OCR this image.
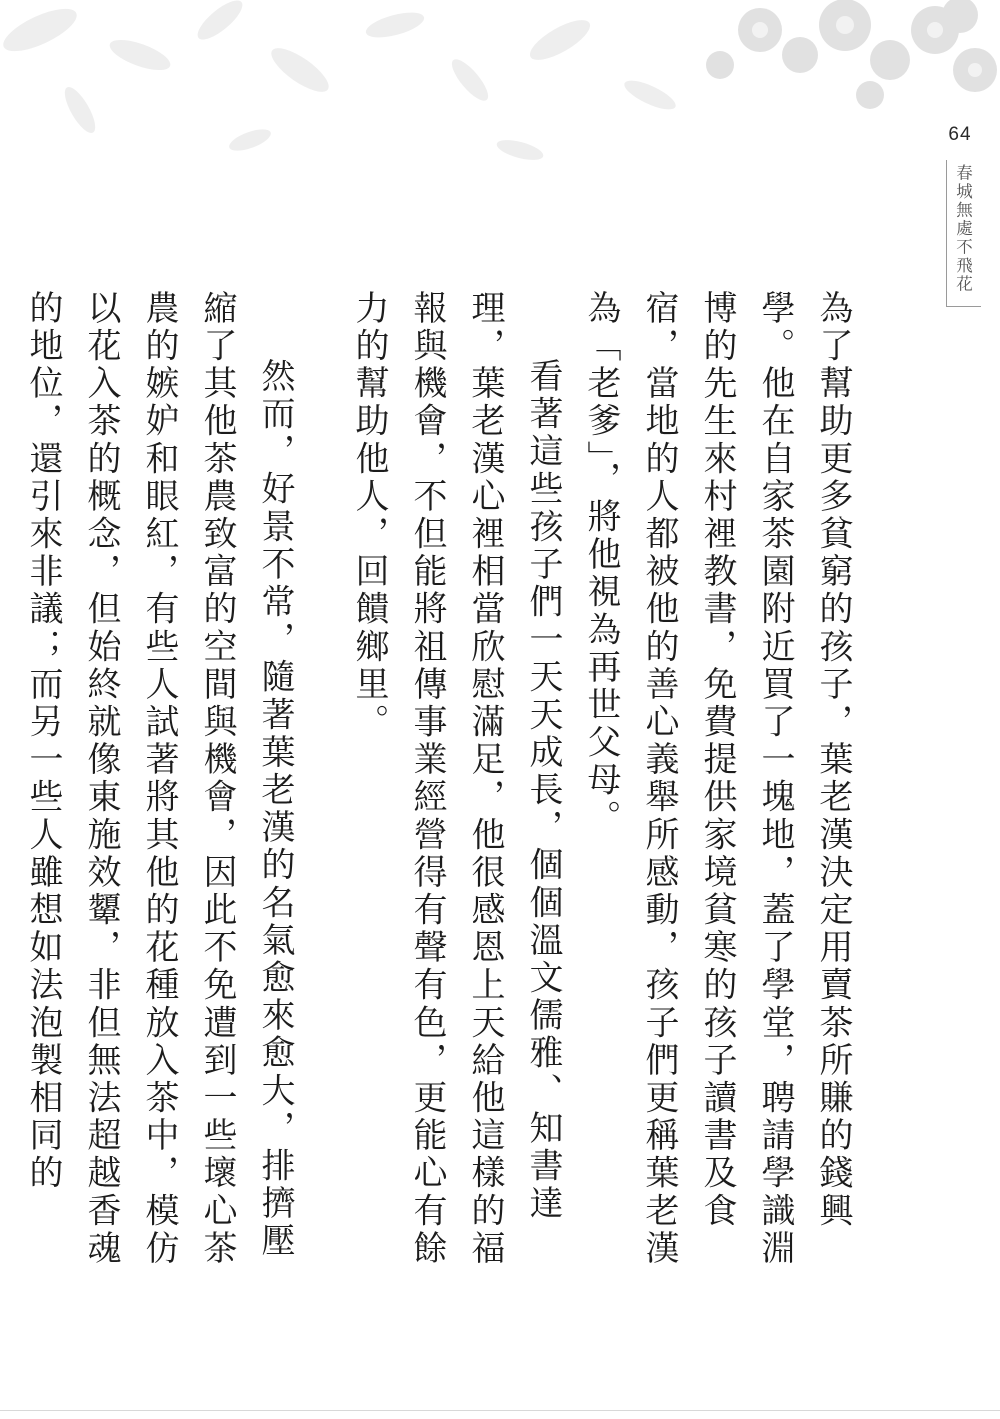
64
春城無處不飛花

為了幫助更多貧窮的孩子，葉老漢決定用賣茶所賺的錢興學。他在自家茶園附近買了一塊地，蓋了學堂，聘請學識淵博的先生來村裡教書，免費提供家境貧寒的孩子讀書及食宿，當地的人都被他的善心義舉所感動，孩子們更稱葉老漢為「老爹」，將他視為再世父母。

看著這些孩子們一天天成長，個個溫文儒雅、知書達理，葉老漢心裡相當欣慰滿足，他很感恩上天給他這樣的福報與機會，不但能將祖傳事業經營得有聲有色，更能心有餘力的幫助他人，回饋鄉里。

然而，好景不常，隨著葉老漢的名氣愈來愈大，排擠壓縮了其他茶農致富的空間與機會，因此不免遭到一些壞心茶農的嫉妒和眼紅，有些人試著將其他的花種放入茶中，模仿以花入茶的概念，但始終就像東施效顰，非但無法超越香魂的地位，還引來非議；而另一些人雖想如法泡製相同的
